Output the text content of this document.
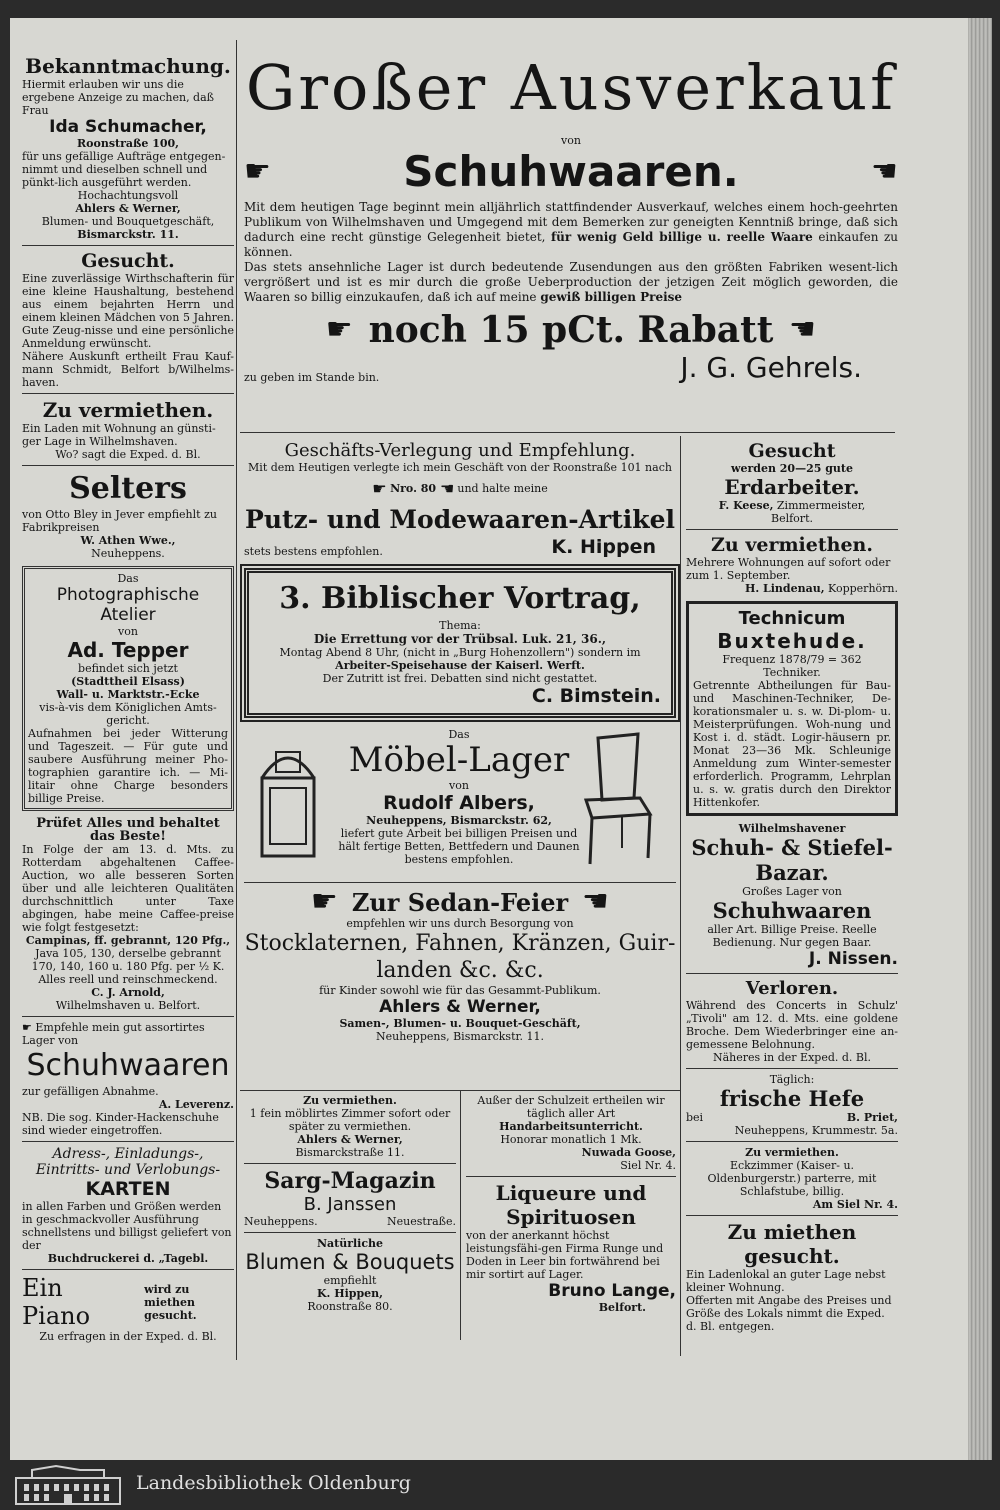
Bekanntmachung.
Hiermit erlauben wir uns die ergebene Anzeige zu machen, daß Frau
Ida Schumacher,
Roonstraße 100,
für uns gefällige Aufträge entgegen-nimmt und dieselben schnell und pünkt-lich ausgeführt werden.
Hochachtungsvoll
Ahlers & Werner,
Blumen- und Bouquetgeschäft,
Bismarckstr. 11.
Gesucht.
Eine zuverlässige Wirthschafterin für eine kleine Haushaltung, bestehend aus einem bejahrten Herrn und einem kleinen Mädchen von 5 Jahren. Gute Zeug-nisse und eine persönliche Anmeldung erwünscht.
Nähere Auskunft ertheilt Frau Kauf-mann Schmidt, Belfort b/Wilhelms-haven.
Zu vermiethen.
Ein Laden mit Wohnung an günsti-ger Lage in Wilhelmshaven.
Wo? sagt die Exped. d. Bl.
Selters
von Otto Bley in Jever empfiehlt zu Fabrikpreisen
W. Athen Wwe.,
Neuheppens.
Das
Photographische Atelier
von
Ad. Tepper
befindet sich jetzt
(Stadttheil Elsass)
Wall- u. Marktstr.-Ecke
vis-à-vis dem Königlichen Amts-gericht.
Aufnahmen bei jeder Witterung und Tageszeit. — Für gute und saubere Ausführung meiner Pho-tographien garantire ich. — Mi-litair ohne Charge besonders billige Preise.
Prüfet Alles und behaltet das Beste!
In Folge der am 13. d. Mts. zu Rotterdam abgehaltenen Caffee-Auction, wo alle besseren Sorten über und alle leichteren Qualitäten durchschnittlich unter Taxe abgingen, habe meine Caffee-preise wie folgt festgesetzt:
Campinas, ff. gebrannt, 120 Pfg.,
Java 105, 130, derselbe gebrannt
170, 140, 160 u. 180 Pfg. per ½ K.
Alles reell und reinschmeckend.
C. J. Arnold,
Wilhelmshaven u. Belfort.
☛ Empfehle mein gut assortirtes Lager von
Schuhwaaren
zur gefälligen Abnahme.
A. Leverenz.
NB. Die sog. Kinder-Hackenschuhe sind wieder eingetroffen.
Adress-, Einladungs-,
Eintritts- und Verlobungs-
KARTEN
in allen Farben und Größen werden in geschmackvoller Ausführung schnellstens und billigst geliefert von der
Buchdruckerei d. „Tagebl.
Ein Piano
wird zu miethen gesucht.
Zu erfragen in der Exped. d. Bl.
Großer Ausverkauf
von
☛	Schuhwaaren.	☛
Mit dem heutigen Tage beginnt mein alljährlich stattfindender Ausverkauf, welches einem hoch-geehrten Publikum von Wilhelmshaven und Umgegend mit dem Bemerken zur geneigten Kenntniß bringe, daß sich dadurch eine recht günstige Gelegenheit bietet, für wenig Geld billige u. reelle Waare einkaufen zu können.
Das stets ansehnliche Lager ist durch bedeutende Zusendungen aus den größten Fabriken wesent-lich vergrößert und ist es mir durch die große Ueberproduction der jetzigen Zeit möglich geworden, die Waaren so billig einzukaufen, daß ich auf meine gewiß billigen Preise
☛ noch 15 pCt. Rabatt ☛
zu geben im Stande bin.	J. G. Gehrels.
Geschäfts-Verlegung und Empfehlung.
Mit dem Heutigen verlegte ich mein Geschäft von der Roonstraße 101 nach
☛ Nro. 80 ☛ und halte meine
Putz- und Modewaaren-Artikel
stets bestens empfohlen.	K. Hippen
3. Biblischer Vortrag,
Thema:
Die Errettung vor der Trübsal. Luk. 21, 36.,
Montag Abend 8 Uhr, (nicht in „Burg Hohenzollern") sondern im
Arbeiter-Speisehause der Kaiserl. Werft.
Der Zutritt ist frei. Debatten sind nicht gestattet.
C. Bimstein.
Das
Möbel-Lager
von
Rudolf Albers,
Neuheppens, Bismarckstr. 62,
liefert gute Arbeit bei billigen Preisen und hält fertige Betten, Bettfedern und Daunen bestens empfohlen.
☛ Zur Sedan-Feier ☛
empfehlen wir uns durch Besorgung von
Stocklaternen, Fahnen, Kränzen, Guir-
landen &c. &c.
für Kinder sowohl wie für das Gesammt-Publikum.
Ahlers & Werner,
Samen-, Blumen- u. Bouquet-Geschäft,
Neuheppens, Bismarckstr. 11.
Zu vermiethen.
1 fein möblirtes Zimmer sofort oder später zu vermiethen.
Ahlers & Werner,
Bismarckstraße 11.
Sarg-Magazin
B. Janssen
Neuheppens.	Neuestraße.
Natürliche
Blumen & Bouquets
empfiehlt
K. Hippen,
Roonstraße 80.
Außer der Schulzeit ertheilen wir
täglich aller Art
Handarbeitsunterricht.
Honorar monatlich 1 Mk.
Nuwada Goose,
Siel Nr. 4.
Liqueure und
Spirituosen
von der anerkannt höchst leistungsfähi-gen Firma Runge und Doden in Leer bin fortwährend bei mir sortirt auf Lager.
Bruno Lange,
Belfort.
Gesucht
werden 20—25 gute
Erdarbeiter.
F. Keese, Zimmermeister,
Belfort.
Zu vermiethen.
Mehrere Wohnungen auf sofort oder zum 1. September.
H. Lindenau, Kopperhörn.
Technicum
Buxtehude.
Frequenz 1878/79 = 362 Techniker.
Getrennte Abtheilungen für Bau- und Maschinen-Techniker, De-korationsmaler u. s. w. Di-plom- u. Meisterprüfungen. Woh-nung und Kost i. d. städt. Logir-häusern pr. Monat 23—36 Mk. Schleunige Anmeldung zum Winter-semester erforderlich. Programm, Lehrplan u. s. w. gratis durch den Direktor Hittenkofer.
Wilhelmshavener
Schuh- & Stiefel-
Bazar.
Großes Lager von
Schuhwaaren
aller Art. Billige Preise. Reelle Bedienung. Nur gegen Baar.
J. Nissen.
Verloren.
Während des Concerts in Schulz' „Tivoli" am 12. d. Mts. eine goldene Broche. Dem Wiederbringer eine an-gemessene Belohnung.
Näheres in der Exped. d. Bl.
Täglich:
frische Hefe
bei	B. Priet,
Neuheppens, Krummestr. 5a.
Zu vermiethen.
Eckzimmer (Kaiser- u. Oldenburgerstr.) parterre, mit Schlafstube, billig.
Am Siel Nr. 4.
Zu miethen gesucht.
Ein Ladenlokal an guter Lage nebst kleiner Wohnung.
Offerten mit Angabe des Preises und Größe des Lokals nimmt die Exped. d. Bl. entgegen.
Landesbibliothek Oldenburg
